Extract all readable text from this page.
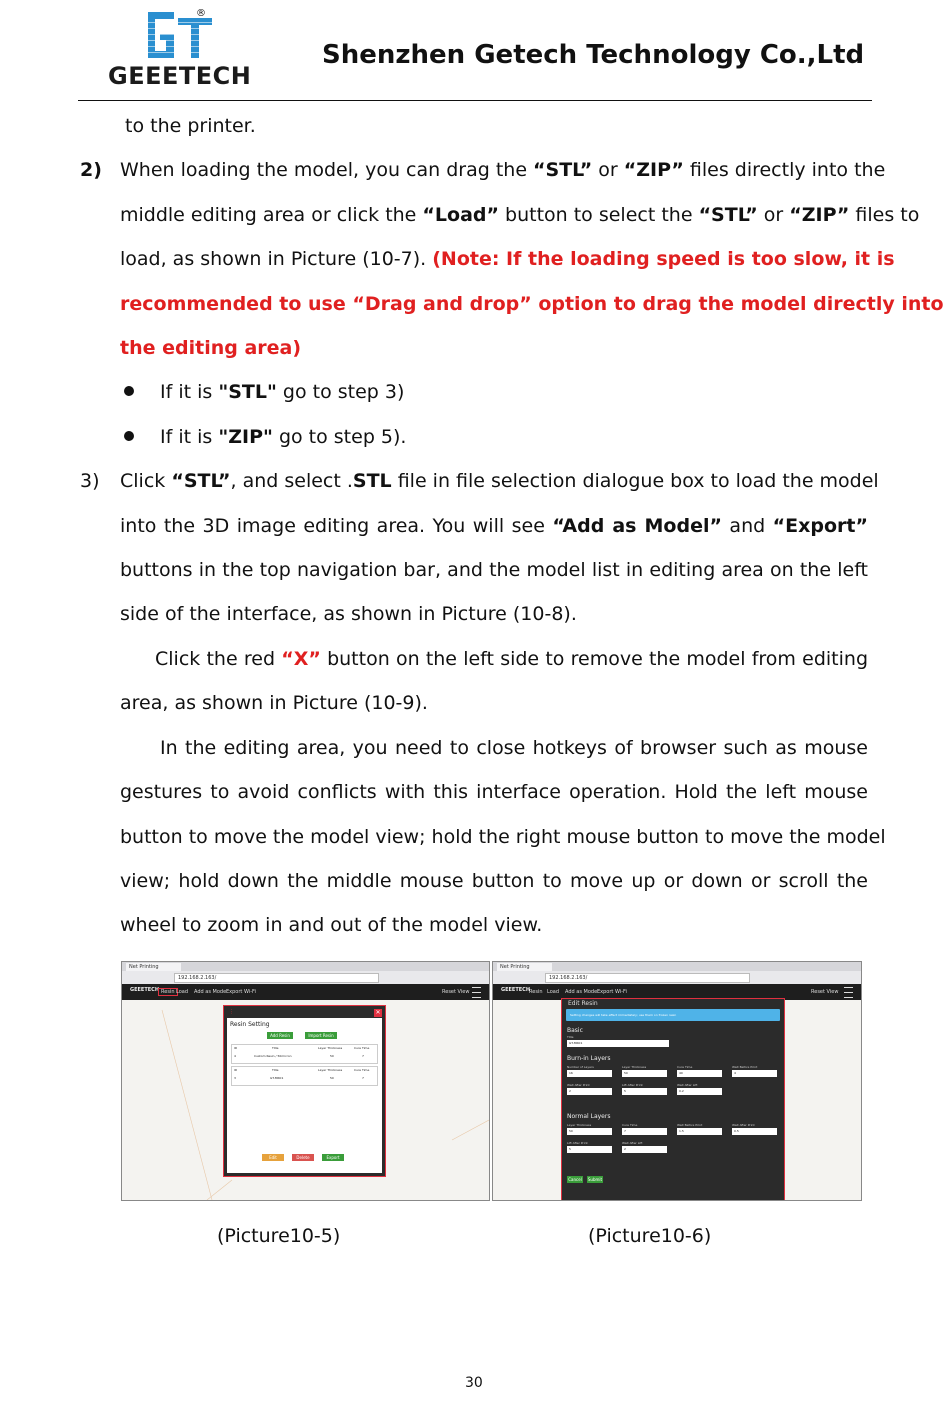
®
GEEETECH
Shenzhen Getech Technology Co.,Ltd
to the printer.
2) When loading the model, you can drag the “STL” or “ZIP” files directly into the
middle editing area or click the “Load” button to select the “STL” or “ZIP” files to
load, as shown in Picture (10-7). (Note: If the loading speed is too slow, it is
recommended to use “Drag and drop” option to drag the model directly into
the editing area)
If it is "STL" go to step 3)
If it is "ZIP" go to step 5).
3) Click “STL”, and select .STL file in file selection dialogue box to load the model
into the 3D image editing area. You will see “Add as Model” and “Export”
buttons in the top navigation bar, and the model list in editing area on the left
side of the interface, as shown in Picture (10-8).
Click the red “X” button on the left side to remove the model from editing
area, as shown in Picture (10-9).
In the editing area, you need to close hotkeys of browser such as mouse
gestures to avoid conflicts with this interface operation. Hold the left mouse
button to move the model view; hold the right mouse button to move the model
view; hold down the middle mouse button to move up or down or scroll the
wheel to zoom in and out of the model view.
Net Printing
192.168.2.163/
GEEETECH Resin Load Add as Model
Export Wi-Fi	Reset View
⋮	✕
Resin Setting
Add Resin	Import Resin
ID	Title	Layer Thickness	Cure Time
4	Custom Resin / 50micron	50	7
ID	Title	Layer Thickness	Cure Time
3	GT-MR01	50	7
Edit	Delete	Export
Net Printing
192.168.2.163/
GEEETECH
Resin Load Add as Model
Export Wi-Fi	Reset View
Edit Resin
Setting changes will take effect immediately; use them on frozen resin
Basic
Title
GT-MR01
Burn-in Layers
Number of Layers	Layer Thickness	Cure Time	Wait Before Print
16	50	40	4
Wait After Print	Lift After Print	Wait After Lift
2	5	0.2
Normal Layers
Layer Thickness	Cure Time	Wait Before Print	Wait After Print
50	7	1.5	0.5
Lift After Print	Wait After Lift
5	2
Cancel	Submit
(Picture10-5)	(Picture10-6)
30
